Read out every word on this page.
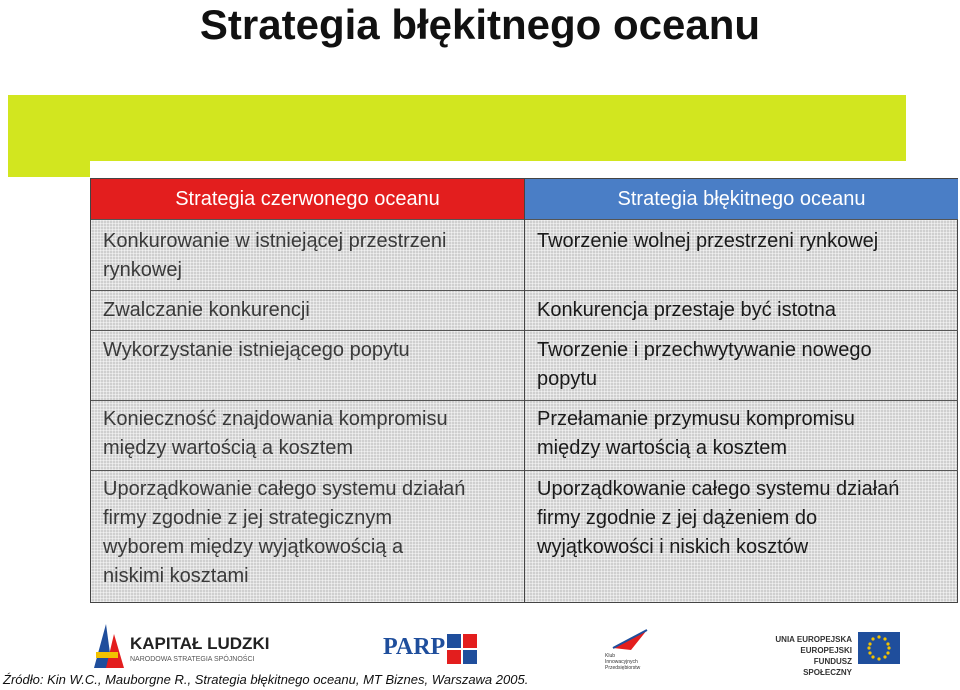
Strategia błękitnego oceanu
Strategia czerwonego oceanu
Konkurowanie w istniejącej przestrzeni
rynkowej
Zwalczanie konkurencji
Wykorzystanie istniejącego popytu
Konieczność znajdowania kompromisu
między wartością a kosztem
Uporządkowanie całego systemu działań
firmy zgodnie z jej strategicznym
wyborem między wyjątkowością a
niskimi kosztami
Strategia błękitnego oceanu
Tworzenie wolnej przestrzeni rynkowej
Konkurencja przestaje być istotna
Tworzenie i przechwytywanie nowego
popytu
Przełamanie przymusu kompromisu
między wartością a kosztem
Uporządkowanie całego systemu działań
firmy zgodnie z jej dążeniem do
wyjątkowości i niskich kosztów
KAPITAŁ LUDZKI
NARODOWA STRATEGIA SPÓJNOŚCI	PARP	Klub
Innowacyjnych
Przedsiębiorstw
UNIA EUROPEJSKA
EUROPEJSKI
FUNDUSZ SPOŁECZNY
Źródło: Kin W.C., Mauborgne R., Strategia błękitnego oceanu, MT Biznes, Warszawa 2005.
